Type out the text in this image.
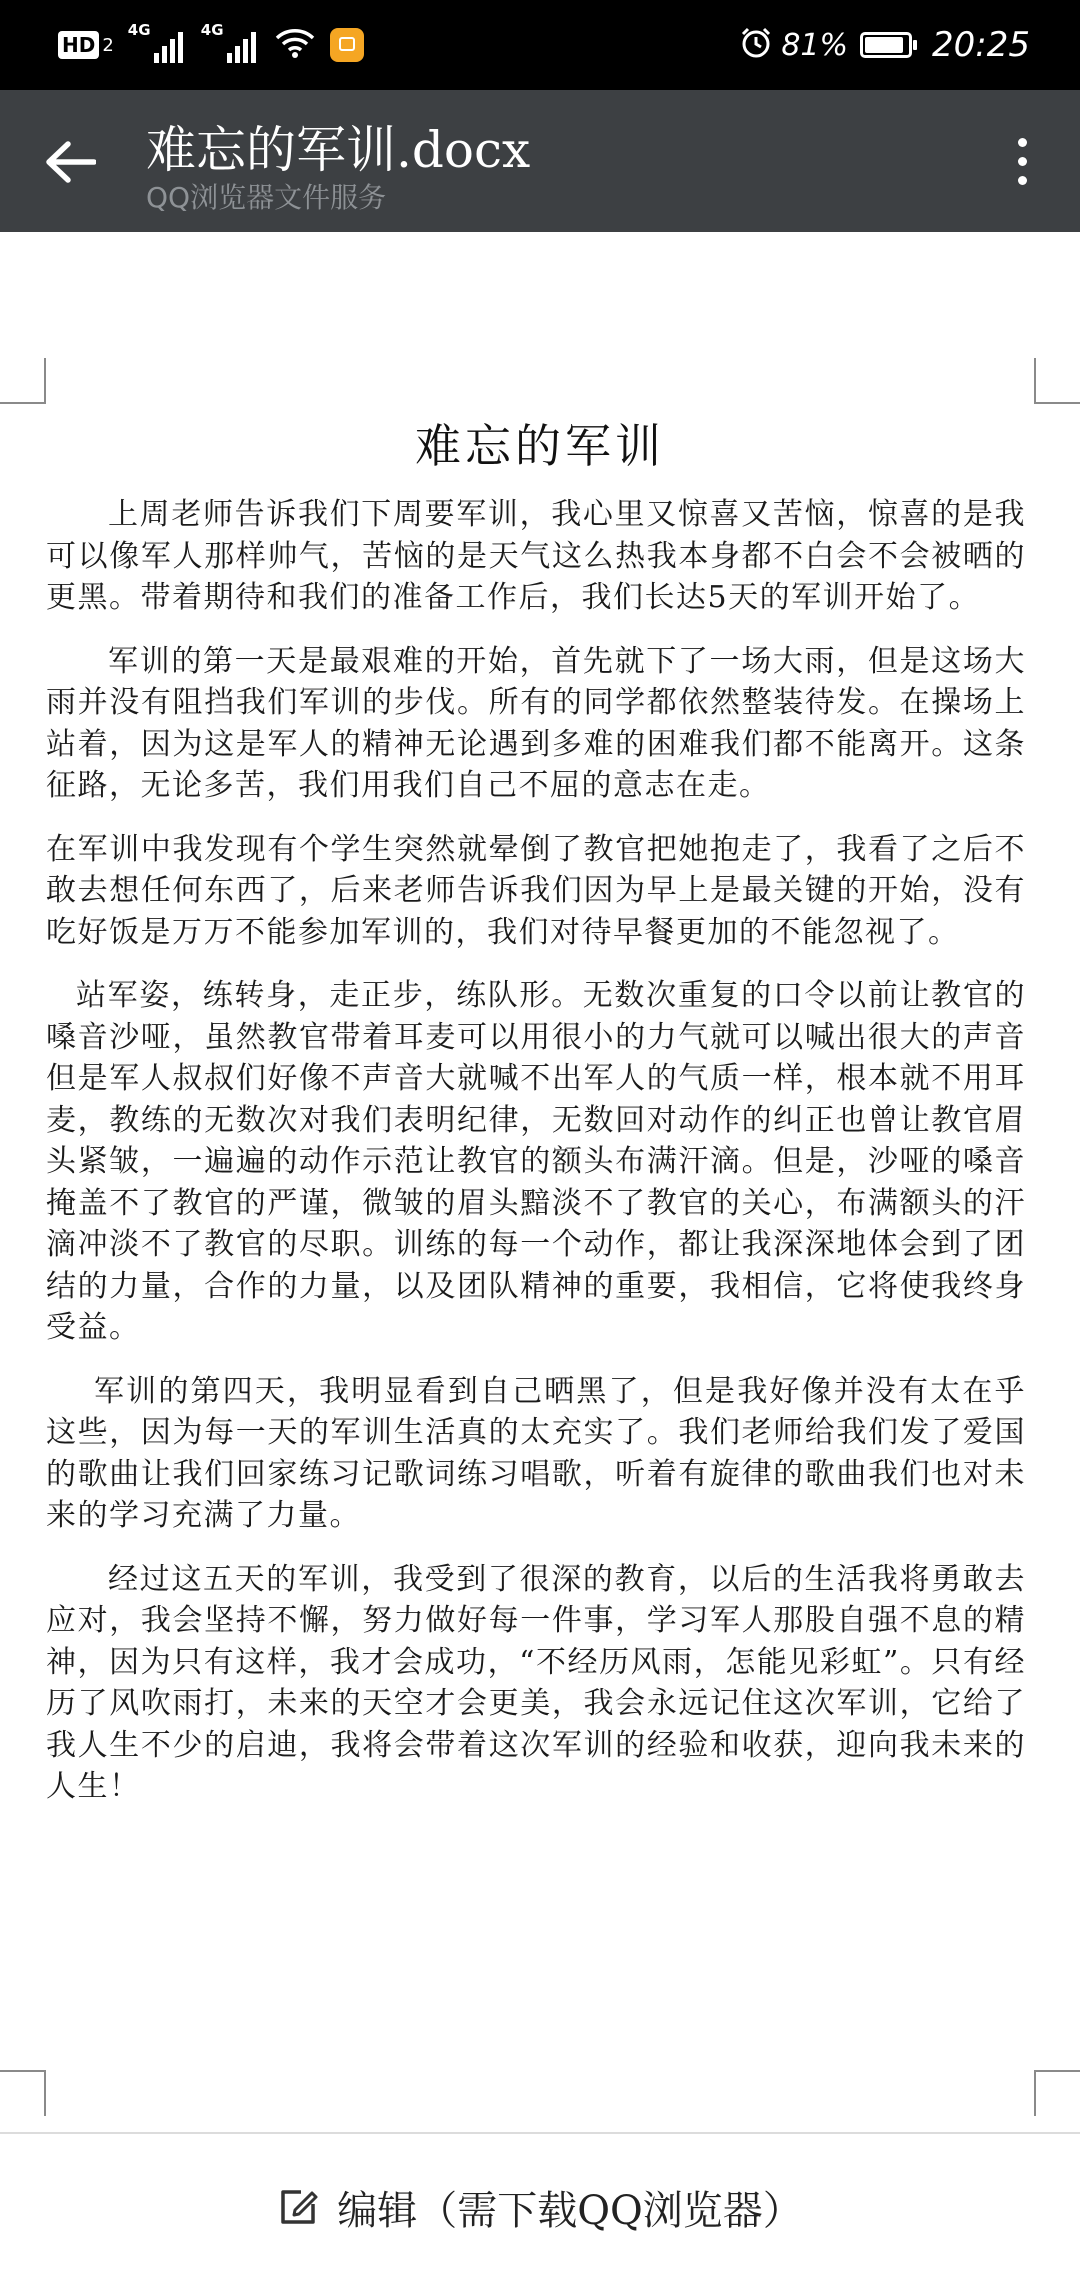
HD 2
4G	4G	81% 20:25
难忘的军训.docx
QQ浏览器文件服务
难忘的军训

上周老师告诉我们下周要军训，我心里又惊喜又苦恼，惊喜的是我可以像军人那样帅气，苦恼的是天气这么热我本身都不白会不会被晒的更黑。带着期待和我们的准备工作后，我们长达5天的军训开始了。

军训的第一天是最艰难的开始，首先就下了一场大雨，但是这场大雨并没有阻挡我们军训的步伐。所有的同学都依然整装待发。在操场上站着，因为这是军人的精神无论遇到多难的困难我们都不能离开。这条征路，无论多苦，我们用我们自己不屈的意志在走。

在军训中我发现有个学生突然就晕倒了教官把她抱走了，我看了之后不敢去想任何东西了，后来老师告诉我们因为早上是最关键的开始，没有吃好饭是万万不能参加军训的，我们对待早餐更加的不能忽视了。

站军姿，练转身，走正步，练队形。无数次重复的口令以前让教官的嗓音沙哑，虽然教官带着耳麦可以用很小的力气就可以喊出很大的声音但是军人叔叔们好像不声音大就喊不出军人的气质一样，根本就不用耳麦，教练的无数次对我们表明纪律，无数回对动作的纠正也曾让教官眉头紧皱，一遍遍的动作示范让教官的额头布满汗滴。但是，沙哑的嗓音掩盖不了教官的严谨，微皱的眉头黯淡不了教官的关心，布满额头的汗滴冲淡不了教官的尽职。训练的每一个动作，都让我深深地体会到了团结的力量，合作的力量，以及团队精神的重要，我相信，它将使我终身受益。

军训的第四天，我明显看到自己晒黑了，但是我好像并没有太在乎这些，因为每一天的军训生活真的太充实了。我们老师给我们发了爱国的歌曲让我们回家练习记歌词练习唱歌，听着有旋律的歌曲我们也对未来的学习充满了力量。

经过这五天的军训，我受到了很深的教育，以后的生活我将勇敢去应对，我会坚持不懈，努力做好每一件事，学习军人那股自强不息的精神，因为只有这样，我才会成功，“不经历风雨，怎能见彩虹”。只有经历了风吹雨打，未来的天空才会更美，我会永远记住这次军训，它给了我人生不少的启迪，我将会带着这次军训的经验和收获，迎向我未来的人生！

编辑（需下载QQ浏览器）
